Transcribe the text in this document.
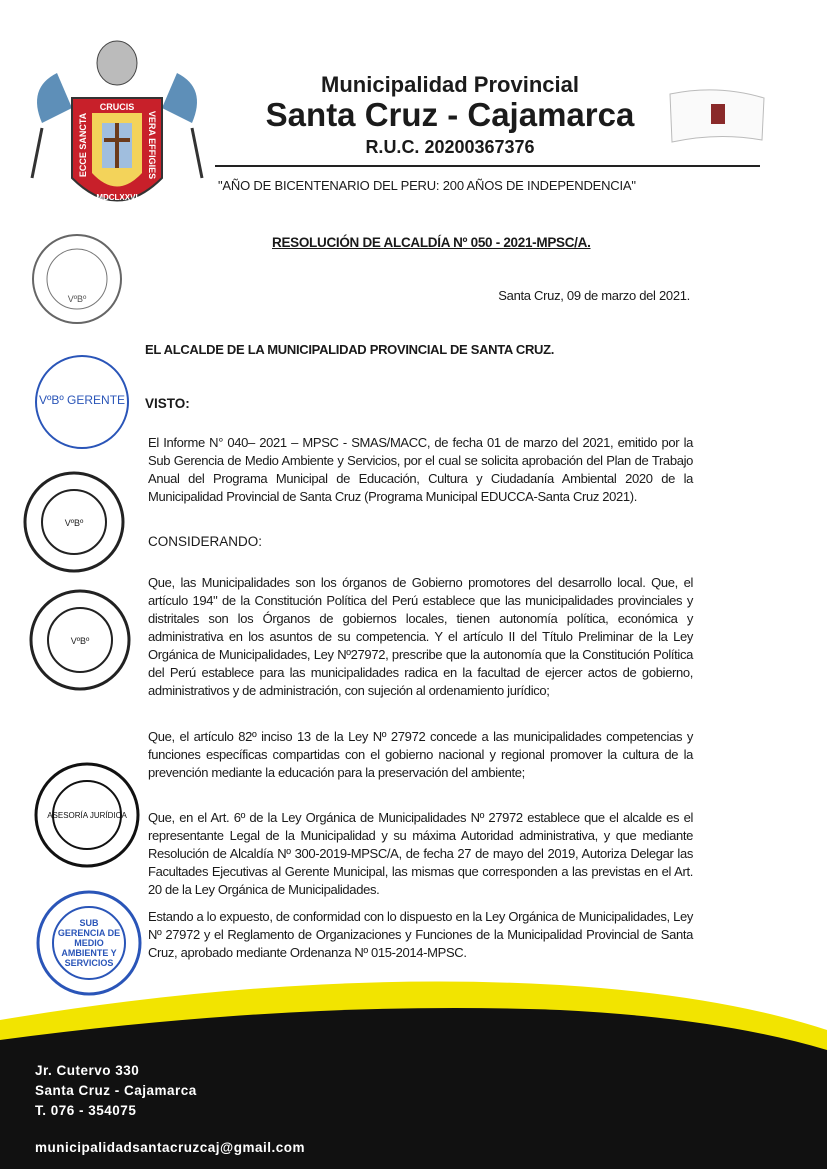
CRUCIS
ECCE SANCTA	VERA EFFIGIES
MDCLXXVI
Municipalidad Provincial
Santa Cruz - Cajamarca
R.U.C. 20200367376
"AÑO DE BICENTENARIO DEL PERU: 200 AÑOS DE INDEPENDENCIA"
RESOLUCIÓN DE ALCALDÍA Nº 050 - 2021-MPSC/A.
Santa Cruz, 09 de marzo del 2021.
EL ALCALDE DE LA MUNICIPALIDAD PROVINCIAL DE SANTA CRUZ.
VISTO:
El Informe N° 040– 2021 – MPSC - SMAS/MACC, de fecha 01 de marzo del 2021, emitido por la Sub Gerencia de Medio Ambiente y Servicios, por el cual se solicita aprobación del Plan de Trabajo Anual del Programa Municipal de Educación, Cultura y Ciudadanía Ambiental 2020 de la Municipalidad Provincial de Santa Cruz (Programa Municipal EDUCCA-Santa Cruz 2021).
CONSIDERANDO:
Que, las Municipalidades son los órganos de Gobierno promotores del desarrollo local. Que, el artículo 194" de la Constitución Política del Perú establece que las municipalidades provinciales y distritales son los Órganos de gobiernos locales, tienen autonomía política, económica y administrativa en los asuntos de su competencia. Y el artículo II del Título Preliminar de la Ley Orgánica de Municipalidades, Ley Nº27972, prescribe que la autonomía que la Constitución Política del Perú establece para las municipalidades radica en la facultad de ejercer actos de gobierno, administrativos y de administración, con sujeción al ordenamiento jurídico;
Que, el artículo 82º inciso 13 de la Ley Nº 27972 concede a las municipalidades competencias y funciones específicas compartidas con el gobierno nacional y regional promover la cultura de la prevención mediante la educación para la preservación del ambiente;
Que, en el Art. 6º de la Ley Orgánica de Municipalidades Nº 27972 establece que el alcalde es el representante Legal de la Municipalidad y su máxima Autoridad administrativa, y que mediante Resolución de Alcaldía Nº 300-2019-MPSC/A, de fecha 27 de mayo del 2019, Autoriza Delegar las Facultades Ejecutivas al Gerente Municipal, las mismas que corresponden a las previstas en el Art. 20 de la Ley Orgánica de Municipalidades.
Estando a lo expuesto, de conformidad con lo dispuesto en la Ley Orgánica de Municipalidades, Ley Nº 27972 y el Reglamento de Organizaciones y Funciones de la Municipalidad Provincial de Santa Cruz, aprobado mediante Ordenanza Nº 015-2014-MPSC.
VºBº
VºBº GERENTE
VºBº
VºBº
ASESORÍA JURÍDICA
SUB GERENCIA DE MEDIO AMBIENTE Y SERVICIOS
Jr. Cutervo 330
Santa Cruz - Cajamarca
T. 076 - 354075
municipalidadsantacruzcaj@gmail.com
